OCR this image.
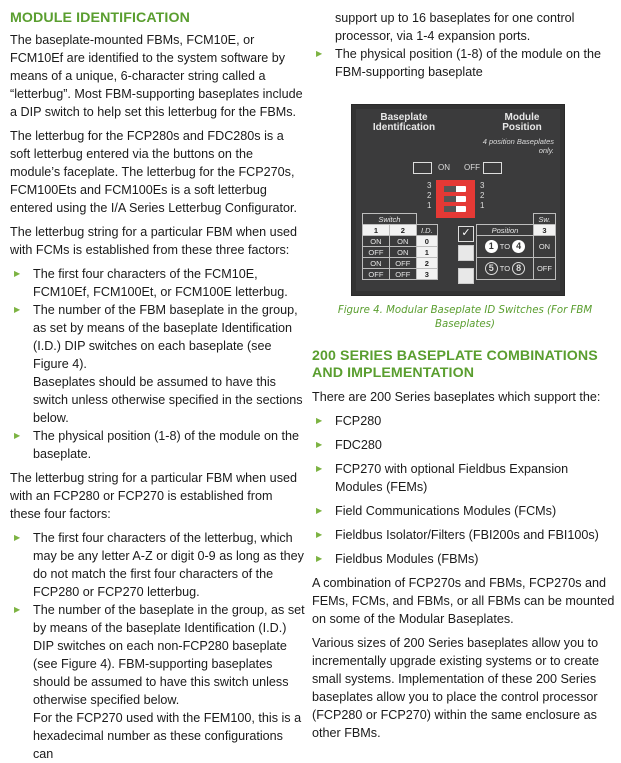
MODULE IDENTIFICATION

The baseplate-mounted FBMs, FCM10E, or FCM10Ef are identified to the system software by means of a unique, 6-character string called a “letterbug”. Most FBM-supporting baseplates include a DIP switch to help set this letterbug for the FBMs.

The letterbug for the FCP280s and FDC280s is a soft letterbug entered via the buttons on the module’s faceplate. The letterbug for the FCP270s, FCM100Ets and FCM100Es is a soft letterbug entered using the I/A Series Letterbug Configurator.

The letterbug string for a particular FBM when used with FCMs is established from these three factors:

▶ The first four characters of the FCM10E, FCM10Ef, FCM100Et, or FCM100E letterbug.
▶ The number of the FBM baseplate in the group, as set by means of the baseplate Identification (I.D.) DIP switches on each baseplate (see Figure 4).
Baseplates should be assumed to have this switch unless otherwise specified in the sections below.
▶ The physical position (1-8) of the module on the baseplate.

The letterbug string for a particular FBM when used with an FCP280 or FCP270 is established from these four factors:

▶ The first four characters of the letterbug, which may be any letter A-Z or digit 0-9 as long as they do not match the first four characters of the FCP280 or FCP270 letterbug.
▶ The number of the baseplate in the group, as set by means of the baseplate Identification (I.D.) DIP switches on each non-FCP280 baseplate (see Figure 4). FBM-supporting baseplates should be assumed to have this switch unless otherwise specified below.
For the FCP270 used with the FEM100, this is a hexadecimal number as these configurations can
support up to 16 baseplates for one control processor, via 1-4 expansion ports.
▶ The physical position (1-8) of the module on the FBM-supporting baseplate
Baseplate Identification
Module Position
4 position Baseplates only.
ON OFF
3
2
1
3
2
1
Switch		
1	2	I.D.
ON	ON	0
OFF	ON	1
ON	OFF	2
OFF	OFF	3
✓
	Sw.
Position	3
1 TO 4	ON
5 TO 8	OFF
Figure 4. Modular Baseplate ID Switches (For FBM Baseplates)
200 SERIES BASEPLATE COMBINATIONS AND IMPLEMENTATION

There are 200 Series baseplates which support the:

▶ FCP280
▶ FDC280
▶ FCP270 with optional Fieldbus Expansion Modules (FEMs)
▶ Field Communications Modules (FCMs)
▶ Fieldbus Isolator/Filters (FBI200s and FBI100s)
▶ Fieldbus Modules (FBMs)

A combination of FCP270s and FBMs, FCP270s and FEMs, FCMs, and FBMs, or all FBMs can be mounted on some of the Modular Baseplates.

Various sizes of 200 Series baseplates allow you to incrementally upgrade existing systems or to create small systems. Implementation of these 200 Series baseplates allow you to place the control processor (FCP280 or FCP270) within the same enclosure as other FBMs.
